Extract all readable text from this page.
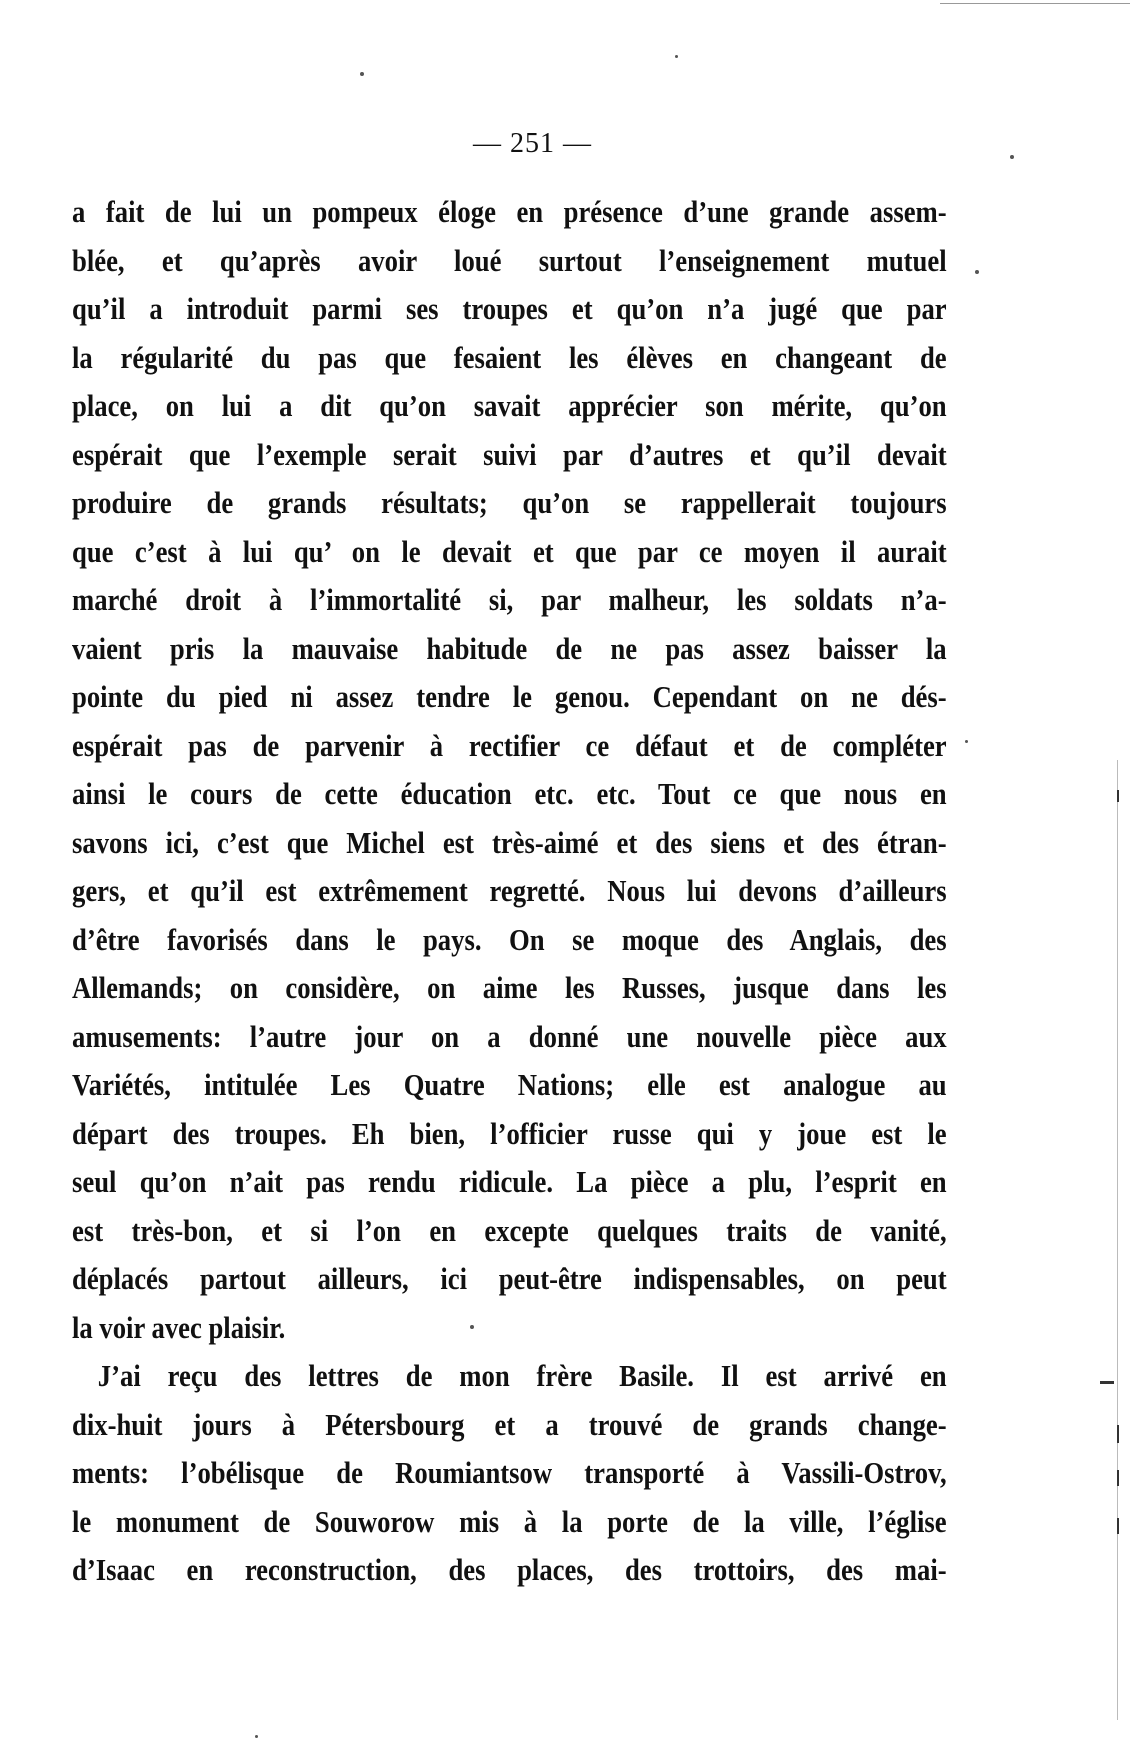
— 251 —
a fait de lui un pompeux éloge en présence d’une grande assem-
blée, et qu’après avoir loué surtout l’enseignement mutuel
qu’il a introduit parmi ses troupes et qu’on n’a jugé que par
la régularité du pas que fesaient les élèves en changeant de
place, on lui a dit qu’on savait apprécier son mérite, qu’on
espérait que l’exemple serait suivi par d’autres et qu’il devait
produire de grands résultats; qu’on se rappellerait toujours
que c’est à lui qu’ on le devait et que par ce moyen il aurait
marché droit à l’immortalité si, par malheur, les soldats n’a-
vaient pris la mauvaise habitude de ne pas assez baisser la
pointe du pied ni assez tendre le genou. Cependant on ne dés-
espérait pas de parvenir à rectifier ce défaut et de compléter
ainsi le cours de cette éducation etc. etc. Tout ce que nous en
savons ici, c’est que Michel est très-aimé et des siens et des étran-
gers, et qu’il est extrêmement regretté. Nous lui devons d’ailleurs
d’être favorisés dans le pays. On se moque des Anglais, des
Allemands; on considère, on aime les Russes, jusque dans les
amusements: l’autre jour on a donné une nouvelle pièce aux
Variétés, intitulée Les Quatre Nations; elle est analogue au
départ des troupes. Eh bien, l’officier russe qui y joue est le
seul qu’on n’ait pas rendu ridicule. La pièce a plu, l’esprit en
est très-bon, et si l’on en excepte quelques traits de vanité,
déplacés partout ailleurs, ici peut-être indispensables, on peut
la voir avec plaisir.
J’ai reçu des lettres de mon frère Basile. Il est arrivé en
dix-huit jours à Pétersbourg et a trouvé de grands change-
ments: l’obélisque de Roumiantsow transporté à Vassili-Ostrov,
le monument de Souworow mis à la porte de la ville, l’église
d’Isaac en reconstruction, des places, des trottoirs, des mai-
